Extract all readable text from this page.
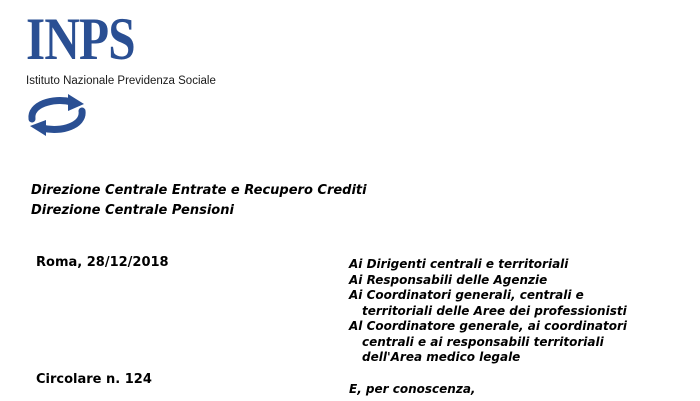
INPS
Istituto Nazionale Previdenza Sociale
Direzione Centrale Entrate e Recupero Crediti
Direzione Centrale Pensioni
Roma, 28/12/2018
Circolare n. 124
Ai Dirigenti centrali e territoriali
Ai Responsabili delle Agenzie
Ai Coordinatori generali, centrali e
territoriali delle Aree dei professionisti
Al Coordinatore generale, ai coordinatori
centrali e ai responsabili territoriali
dell'Area medico legale
E, per conoscenza,
